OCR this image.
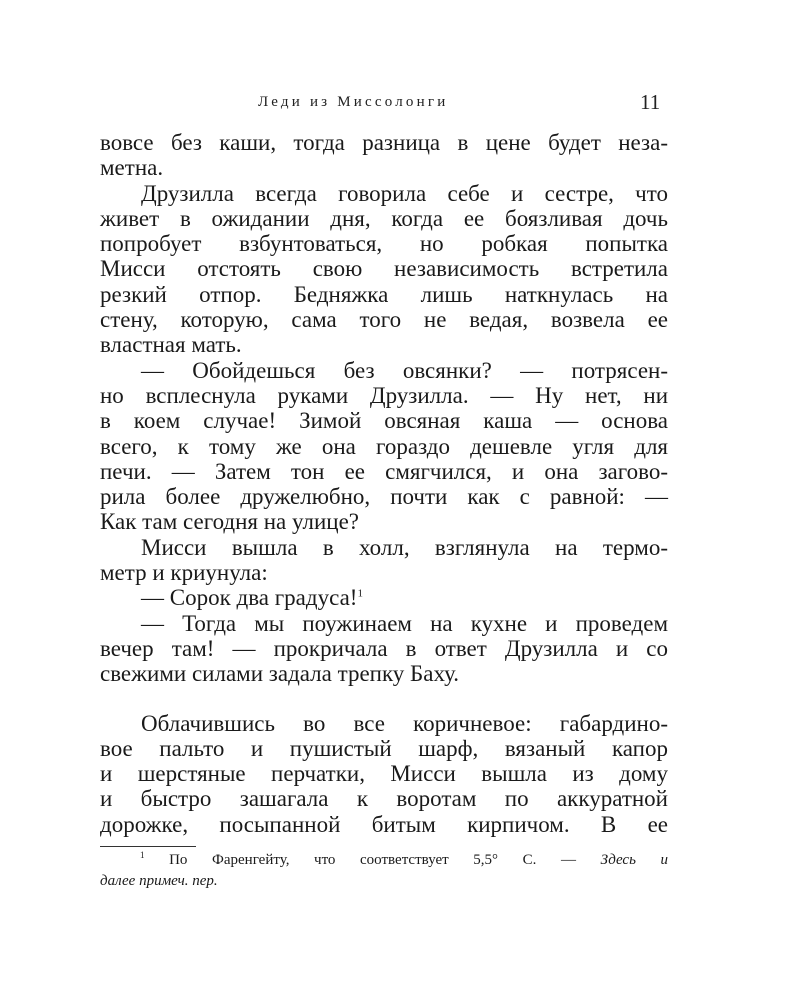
Леди из Миссолонги	11

вовсе без каши, тогда разница в цене будет неза-

метна.

Друзилла всегда говорила себе и сестре, что

живет в ожидании дня, когда ее боязливая дочь

попробует взбунтоваться, но робкая попытка

Мисси отстоять свою независимость встретила

резкий отпор. Бедняжка лишь наткнулась на

стену, которую, сама того не ведая, возвела ее

властная мать.

— Обойдешься без овсянки? — потрясен-

но всплеснула руками Друзилла. — Ну нет, ни

в коем случае! Зимой овсяная каша — основа

всего, к тому же она гораздо дешевле угля для

печи. — Затем тон ее смягчился, и она загово-

рила более дружелюбно, почти как с равной: —

Как там сегодня на улице?

Мисси вышла в холл, взглянула на термо-

метр и криунула:

— Сорок два градуса!$^1$

— Тогда мы поужинаем на кухне и проведем

вечер там! — прокричала в ответ Друзилла и со

свежими силами задала трепку Баху.

Облачившись во все коричневое: габардино-

вое пальто и пушистый шарф, вязаный капор

и шерстяные перчатки, Мисси вышла из дому

и быстро зашагала к воротам по аккуратной

дорожке, посыпанной битым кирпичом. В ее

$^1$ По Фаренгейту, что соответствует 5,5° С. — Здесь и
далее примеч. пер.
